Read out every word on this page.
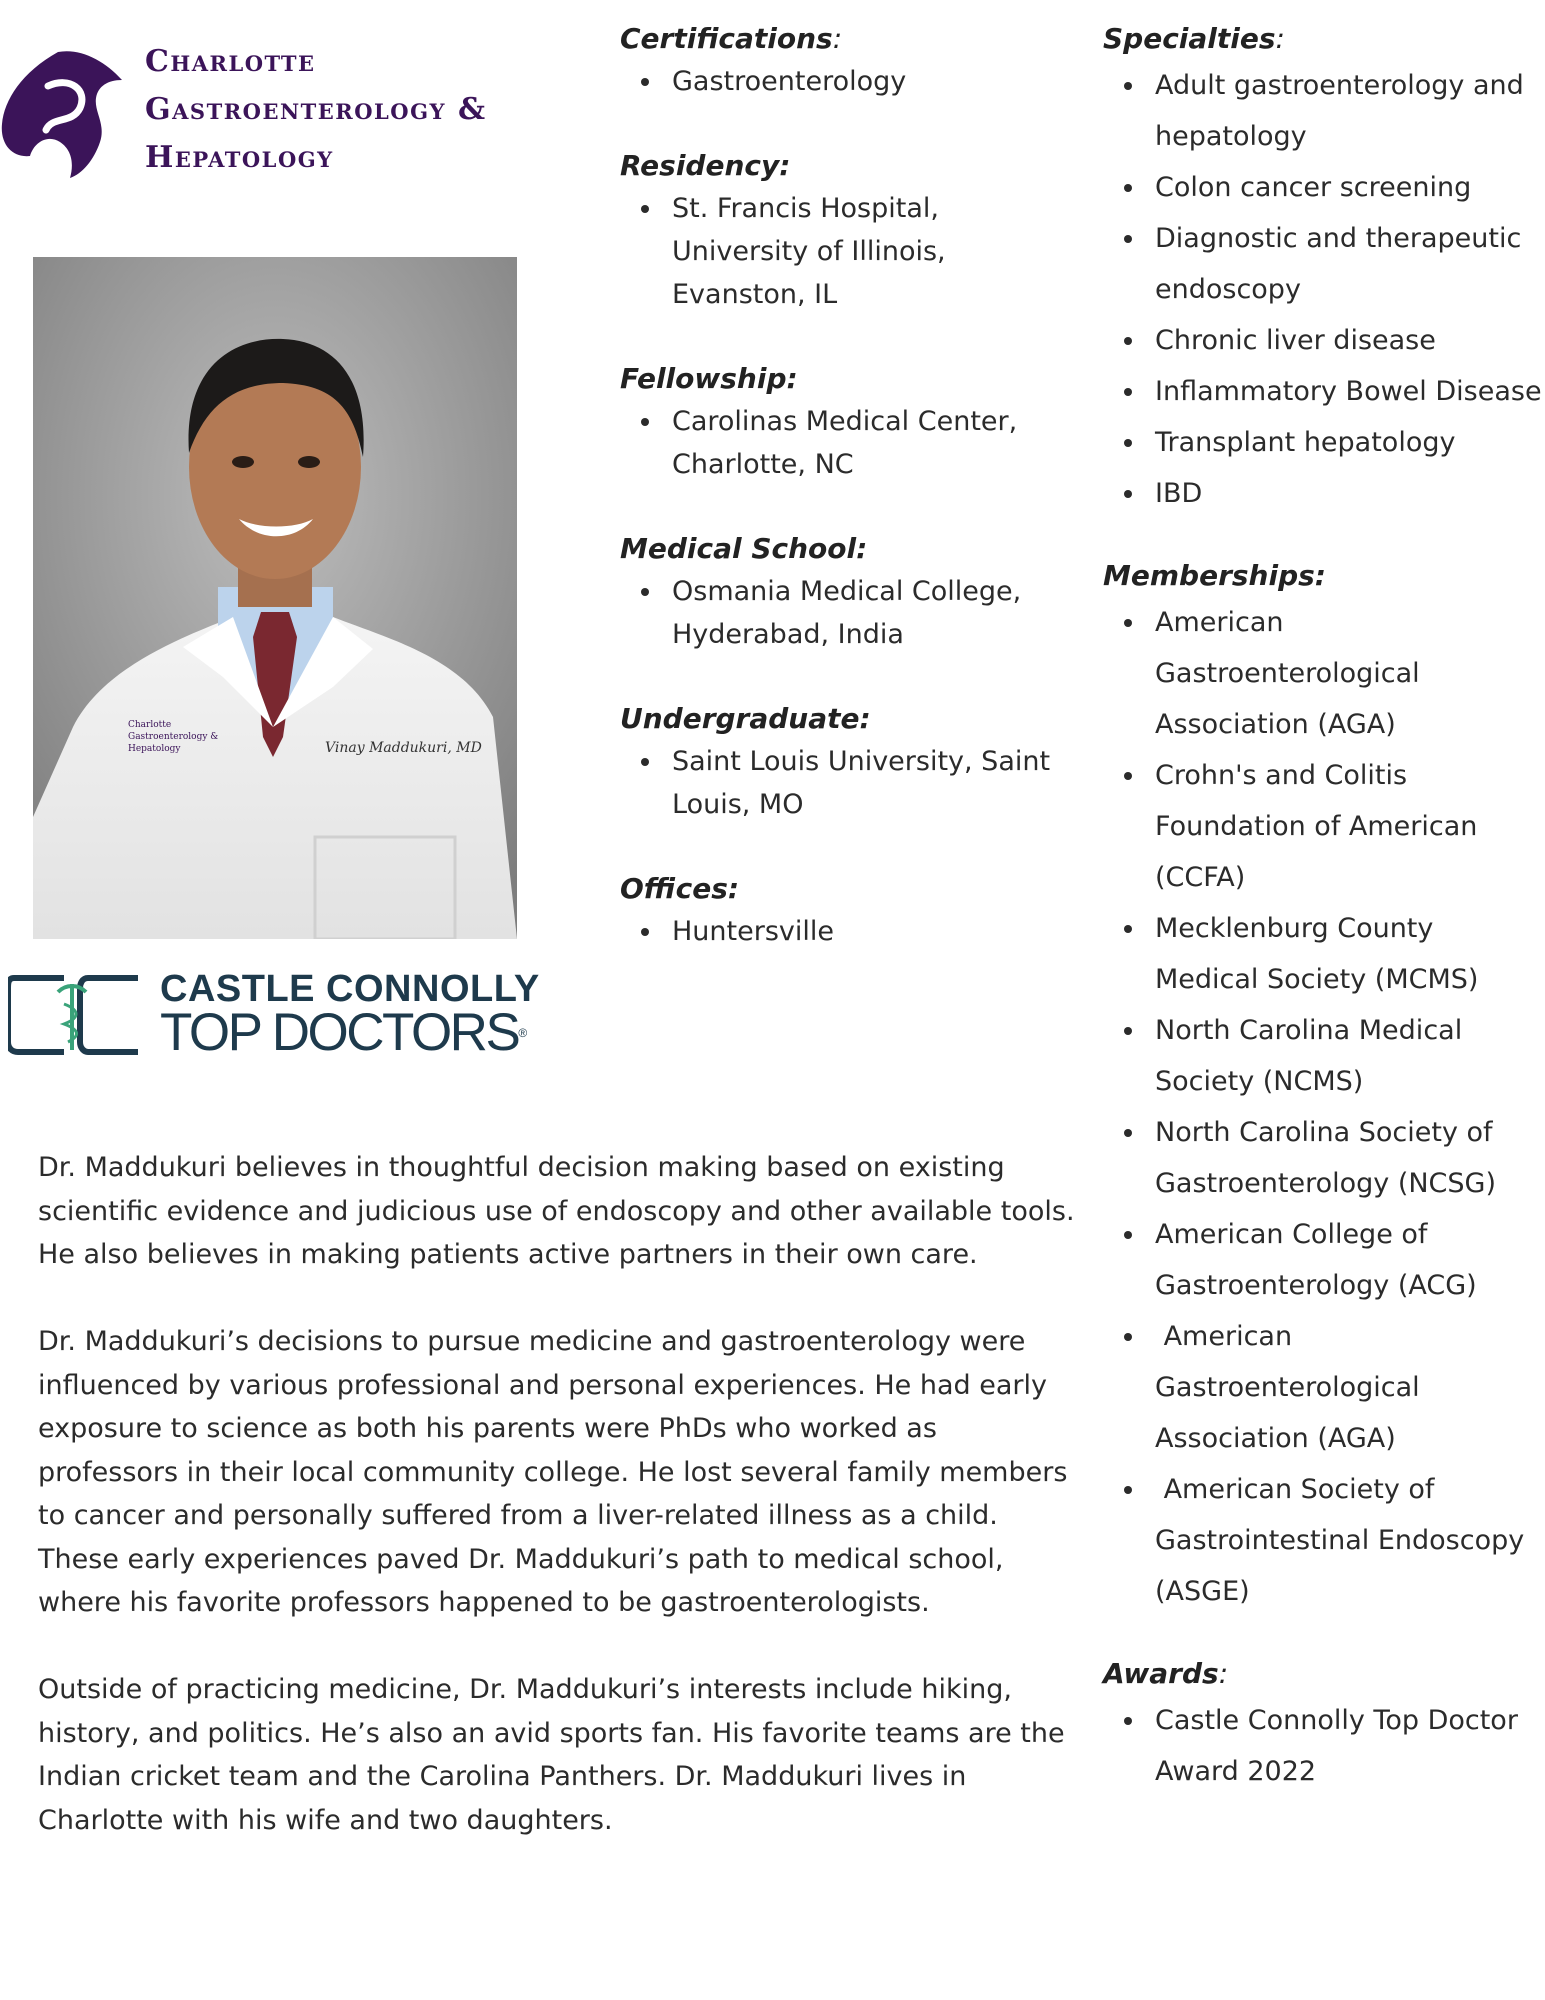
Charlotte
Gastroenterology &
Hepatology
Charlotte
Gastroenterology &
Hepatology	Vinay Maddukuri, MD
CASTLE CONNOLLY
TOP DOCTORS®
Certifications:
Gastroenterology
Residency:
St. Francis Hospital,
University of Illinois,
Evanston, IL
Fellowship:
Carolinas Medical Center,
Charlotte, NC
Medical School:
Osmania Medical College,
Hyderabad, India
Undergraduate:
Saint Louis University, Saint
Louis, MO
Offices:
Huntersville
Specialties:
Adult gastroenterology and
hepatology
Colon cancer screening
Diagnostic and therapeutic
endoscopy
Chronic liver disease
Inflammatory Bowel Disease
Transplant hepatology
IBD
Memberships:
American
Gastroenterological
Association (AGA)
Crohn's and Colitis
Foundation of American
(CCFA)
Mecklenburg County
Medical Society (MCMS)
North Carolina Medical
Society (NCMS)
North Carolina Society of
Gastroenterology (NCSG)
American College of
Gastroenterology (ACG)
American
Gastroenterological
Association (AGA)
American Society of
Gastrointestinal Endoscopy
(ASGE)
Awards:
Castle Connolly Top Doctor
Award 2022

Dr. Maddukuri believes in thoughtful decision making based on existing
scientific evidence and judicious use of endoscopy and other available tools.
He also believes in making patients active partners in their own care.

Dr. Maddukuri’s decisions to pursue medicine and gastroenterology were
influenced by various professional and personal experiences. He had early
exposure to science as both his parents were PhDs who worked as
professors in their local community college. He lost several family members
to cancer and personally suffered from a liver-related illness as a child.
These early experiences paved Dr. Maddukuri’s path to medical school,
where his favorite professors happened to be gastroenterologists.

Outside of practicing medicine, Dr. Maddukuri’s interests include hiking,
history, and politics. He’s also an avid sports fan. His favorite teams are the
Indian cricket team and the Carolina Panthers. Dr. Maddukuri lives in
Charlotte with his wife and two daughters.
